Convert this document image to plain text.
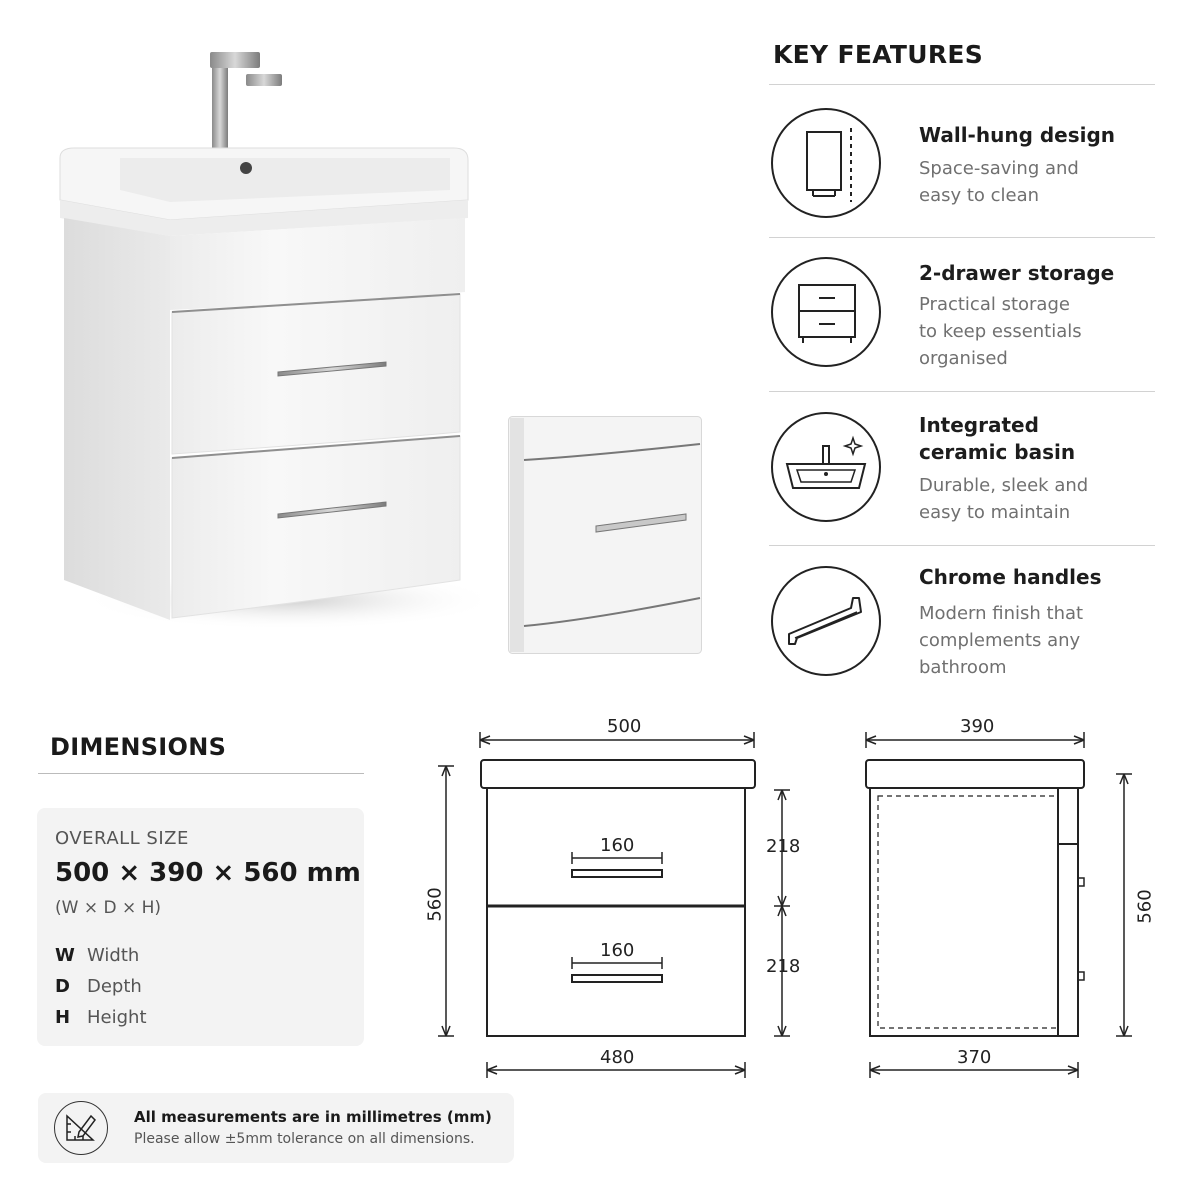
KEY FEATURES
Wall-hung design
Space-saving and
easy to clean
2-drawer storage
Practical storage
to keep essentials
organised
Integrated
ceramic basin
Durable, sleek and
easy to maintain
Chrome handles
Modern finish that
complements any
bathroom
DIMENSIONS
OVERALL SIZE
500 × 390 × 560 mm
(W × D × H)
W Width
D Depth
H Height
500
160
160
560
218
218
480
390
560
370
All measurements are in millimetres (mm)
Please allow ±5mm tolerance on all dimensions.
